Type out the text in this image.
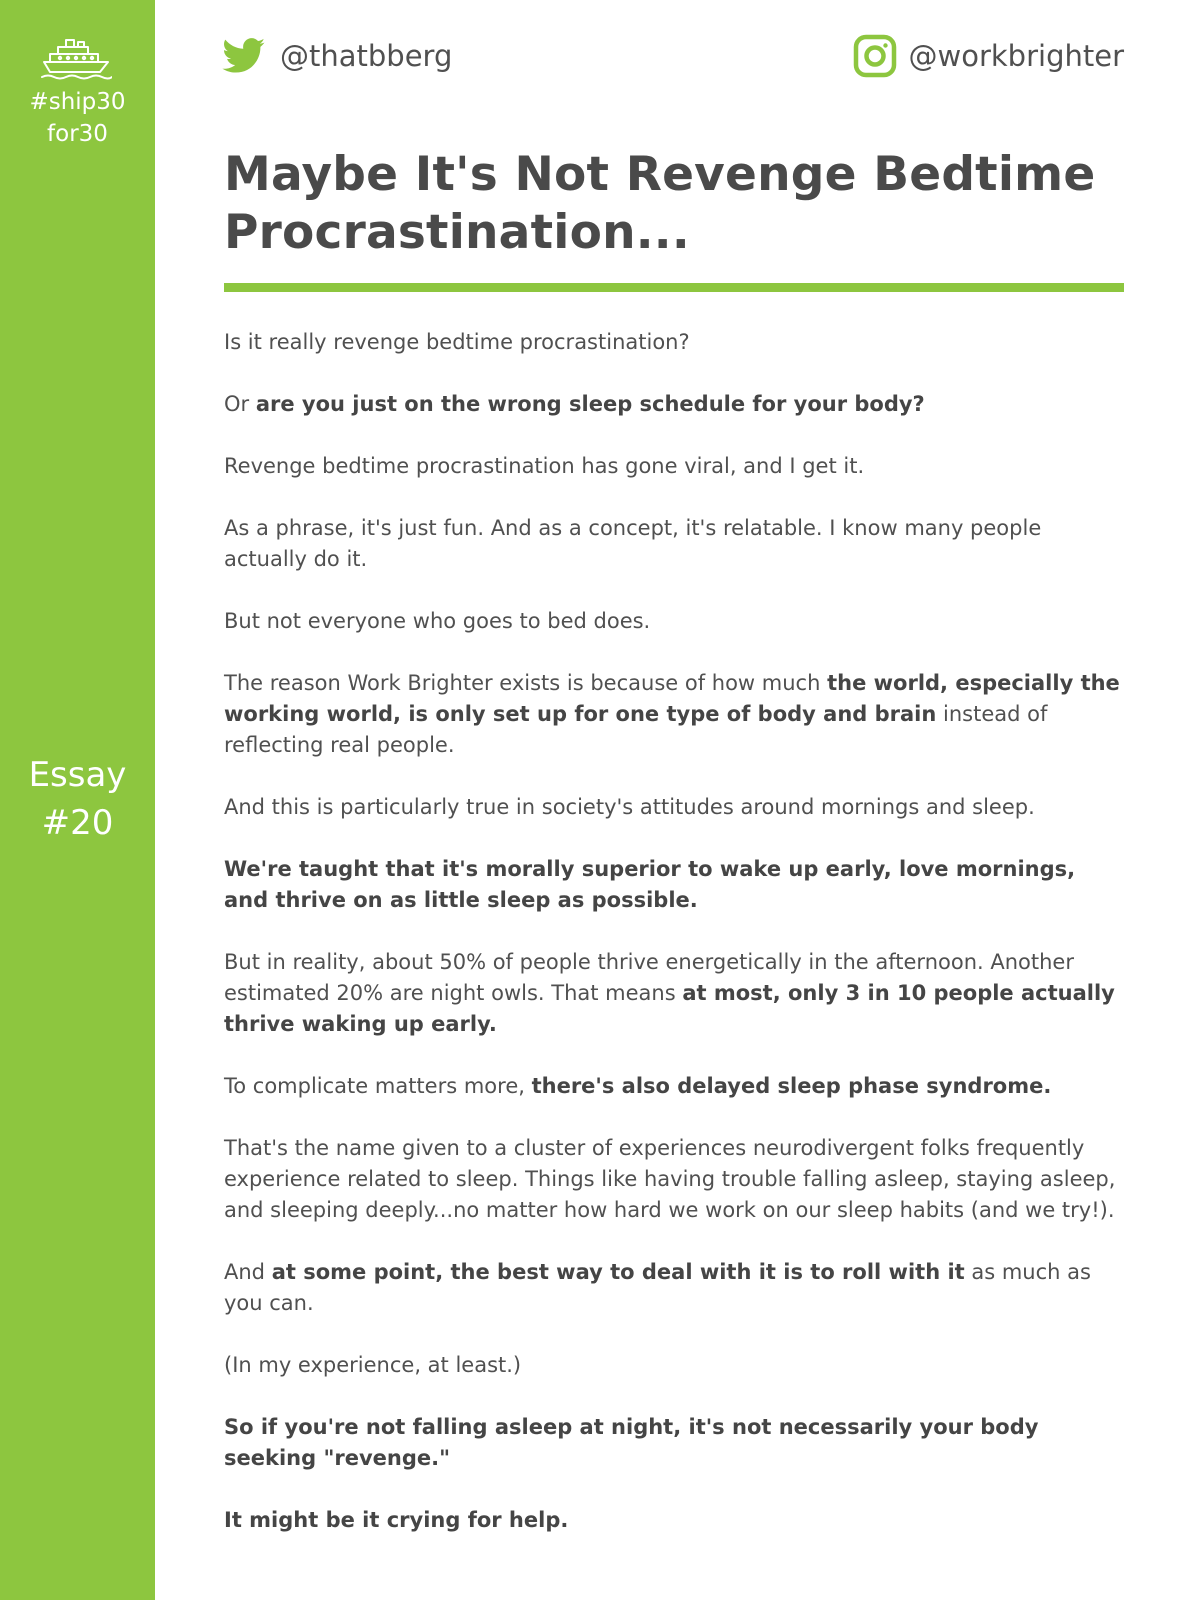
#ship30
for30
Essay
#20
@thatbberg	@workbrighter
Maybe It's Not Revenge Bedtime
Procrastination...

Is it really revenge bedtime procrastination?

Or are you just on the wrong sleep schedule for your body?

Revenge bedtime procrastination has gone viral, and I get it.

As a phrase, it's just fun. And as a concept, it's relatable. I know many people actually do it.

But not everyone who goes to bed does.

The reason Work Brighter exists is because of how much the world, especially the working world, is only set up for one type of body and brain instead of reflecting real people.

And this is particularly true in society's attitudes around mornings and sleep.

We're taught that it's morally superior to wake up early, love mornings, and thrive on as little sleep as possible.

But in reality, about 50% of people thrive energetically in the afternoon. Another estimated 20% are night owls. That means at most, only 3 in 10 people actually thrive waking up early.

To complicate matters more, there's also delayed sleep phase syndrome.

That's the name given to a cluster of experiences neurodivergent folks frequently experience related to sleep. Things like having trouble falling asleep, staying asleep, and sleeping deeply...no matter how hard we work on our sleep habits (and we try!).

And at some point, the best way to deal with it is to roll with it as much as you can.

(In my experience, at least.)

So if you're not falling asleep at night, it's not necessarily your body seeking "revenge."

It might be it crying for help.
